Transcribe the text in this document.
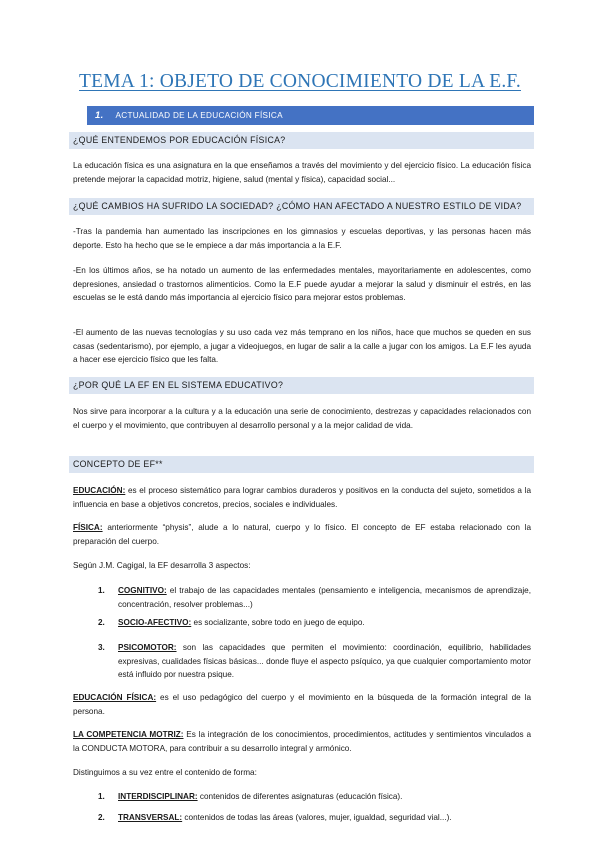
TEMA 1: OBJETO DE CONOCIMIENTO DE LA E.F.
1. ACTUALIDAD DE LA EDUCACIÓN FÍSICA
¿QUÉ ENTENDEMOS POR EDUCACIÓN FÍSICA?
La educación física es una asignatura en la que enseñamos a través del movimiento y del ejercicio físico. La educación física pretende mejorar la capacidad motriz, higiene, salud (mental y física), capacidad social...
¿QUÉ CAMBIOS HA SUFRIDO LA SOCIEDAD? ¿CÓMO HAN AFECTADO A NUESTRO ESTILO DE VIDA?
-Tras la pandemia han aumentado las inscripciones en los gimnasios y escuelas deportivas, y las personas hacen más deporte. Esto ha hecho que se le empiece a dar más importancia a la E.F.
-En los últimos años, se ha notado un aumento de las enfermedades mentales, mayoritariamente en adolescentes, como depresiones, ansiedad o trastornos alimenticios. Como la E.F puede ayudar a mejorar la salud y disminuir el estrés, en las escuelas se le está dando más importancia al ejercicio físico para mejorar estos problemas.
-El aumento de las nuevas tecnologías y su uso cada vez más temprano en los niños, hace que muchos se queden en sus casas (sedentarismo), por ejemplo, a jugar a videojuegos, en lugar de salir a la calle a jugar con los amigos. La E.F les ayuda a hacer ese ejercicio físico que les falta.
¿POR QUÉ LA EF EN EL SISTEMA EDUCATIVO?
Nos sirve para incorporar a la cultura y a la educación una serie de conocimiento, destrezas y capacidades relacionados con el cuerpo y el movimiento, que contribuyen al desarrollo personal y a la mejor calidad de vida.
CONCEPTO DE EF**
EDUCACIÓN: es el proceso sistemático para lograr cambios duraderos y positivos en la conducta del sujeto, sometidos a la influencia en base a objetivos concretos, precios, sociales e individuales.
FÍSICA: anteriormente “physis”, alude a lo natural, cuerpo y lo físico. El concepto de EF estaba relacionado con la preparación del cuerpo.
Según J.M. Cagigal, la EF desarrolla 3 aspectos:
1. COGNITIVO: el trabajo de las capacidades mentales (pensamiento e inteligencia, mecanismos de aprendizaje, concentración, resolver problemas...)
2. SOCIO-AFECTIVO: es socializante, sobre todo en juego de equipo.
3. PSICOMOTOR: son las capacidades que permiten el movimiento: coordinación, equilibrio, habilidades expresivas, cualidades físicas básicas... donde fluye el aspecto psíquico, ya que cualquier comportamiento motor está influido por nuestra psique.
EDUCACIÓN FÍSICA: es el uso pedagógico del cuerpo y el movimiento en la búsqueda de la formación integral de la persona.
LA COMPETENCIA MOTRIZ: Es la integración de los conocimientos, procedimientos, actitudes y sentimientos vinculados a la CONDUCTA MOTORA, para contribuir a su desarrollo integral y armónico.
Distinguimos a su vez entre el contenido de forma:
1. INTERDISCIPLINAR: contenidos de diferentes asignaturas (educación física).
2. TRANSVERSAL: contenidos de todas las áreas (valores, mujer, igualdad, seguridad vial...).
